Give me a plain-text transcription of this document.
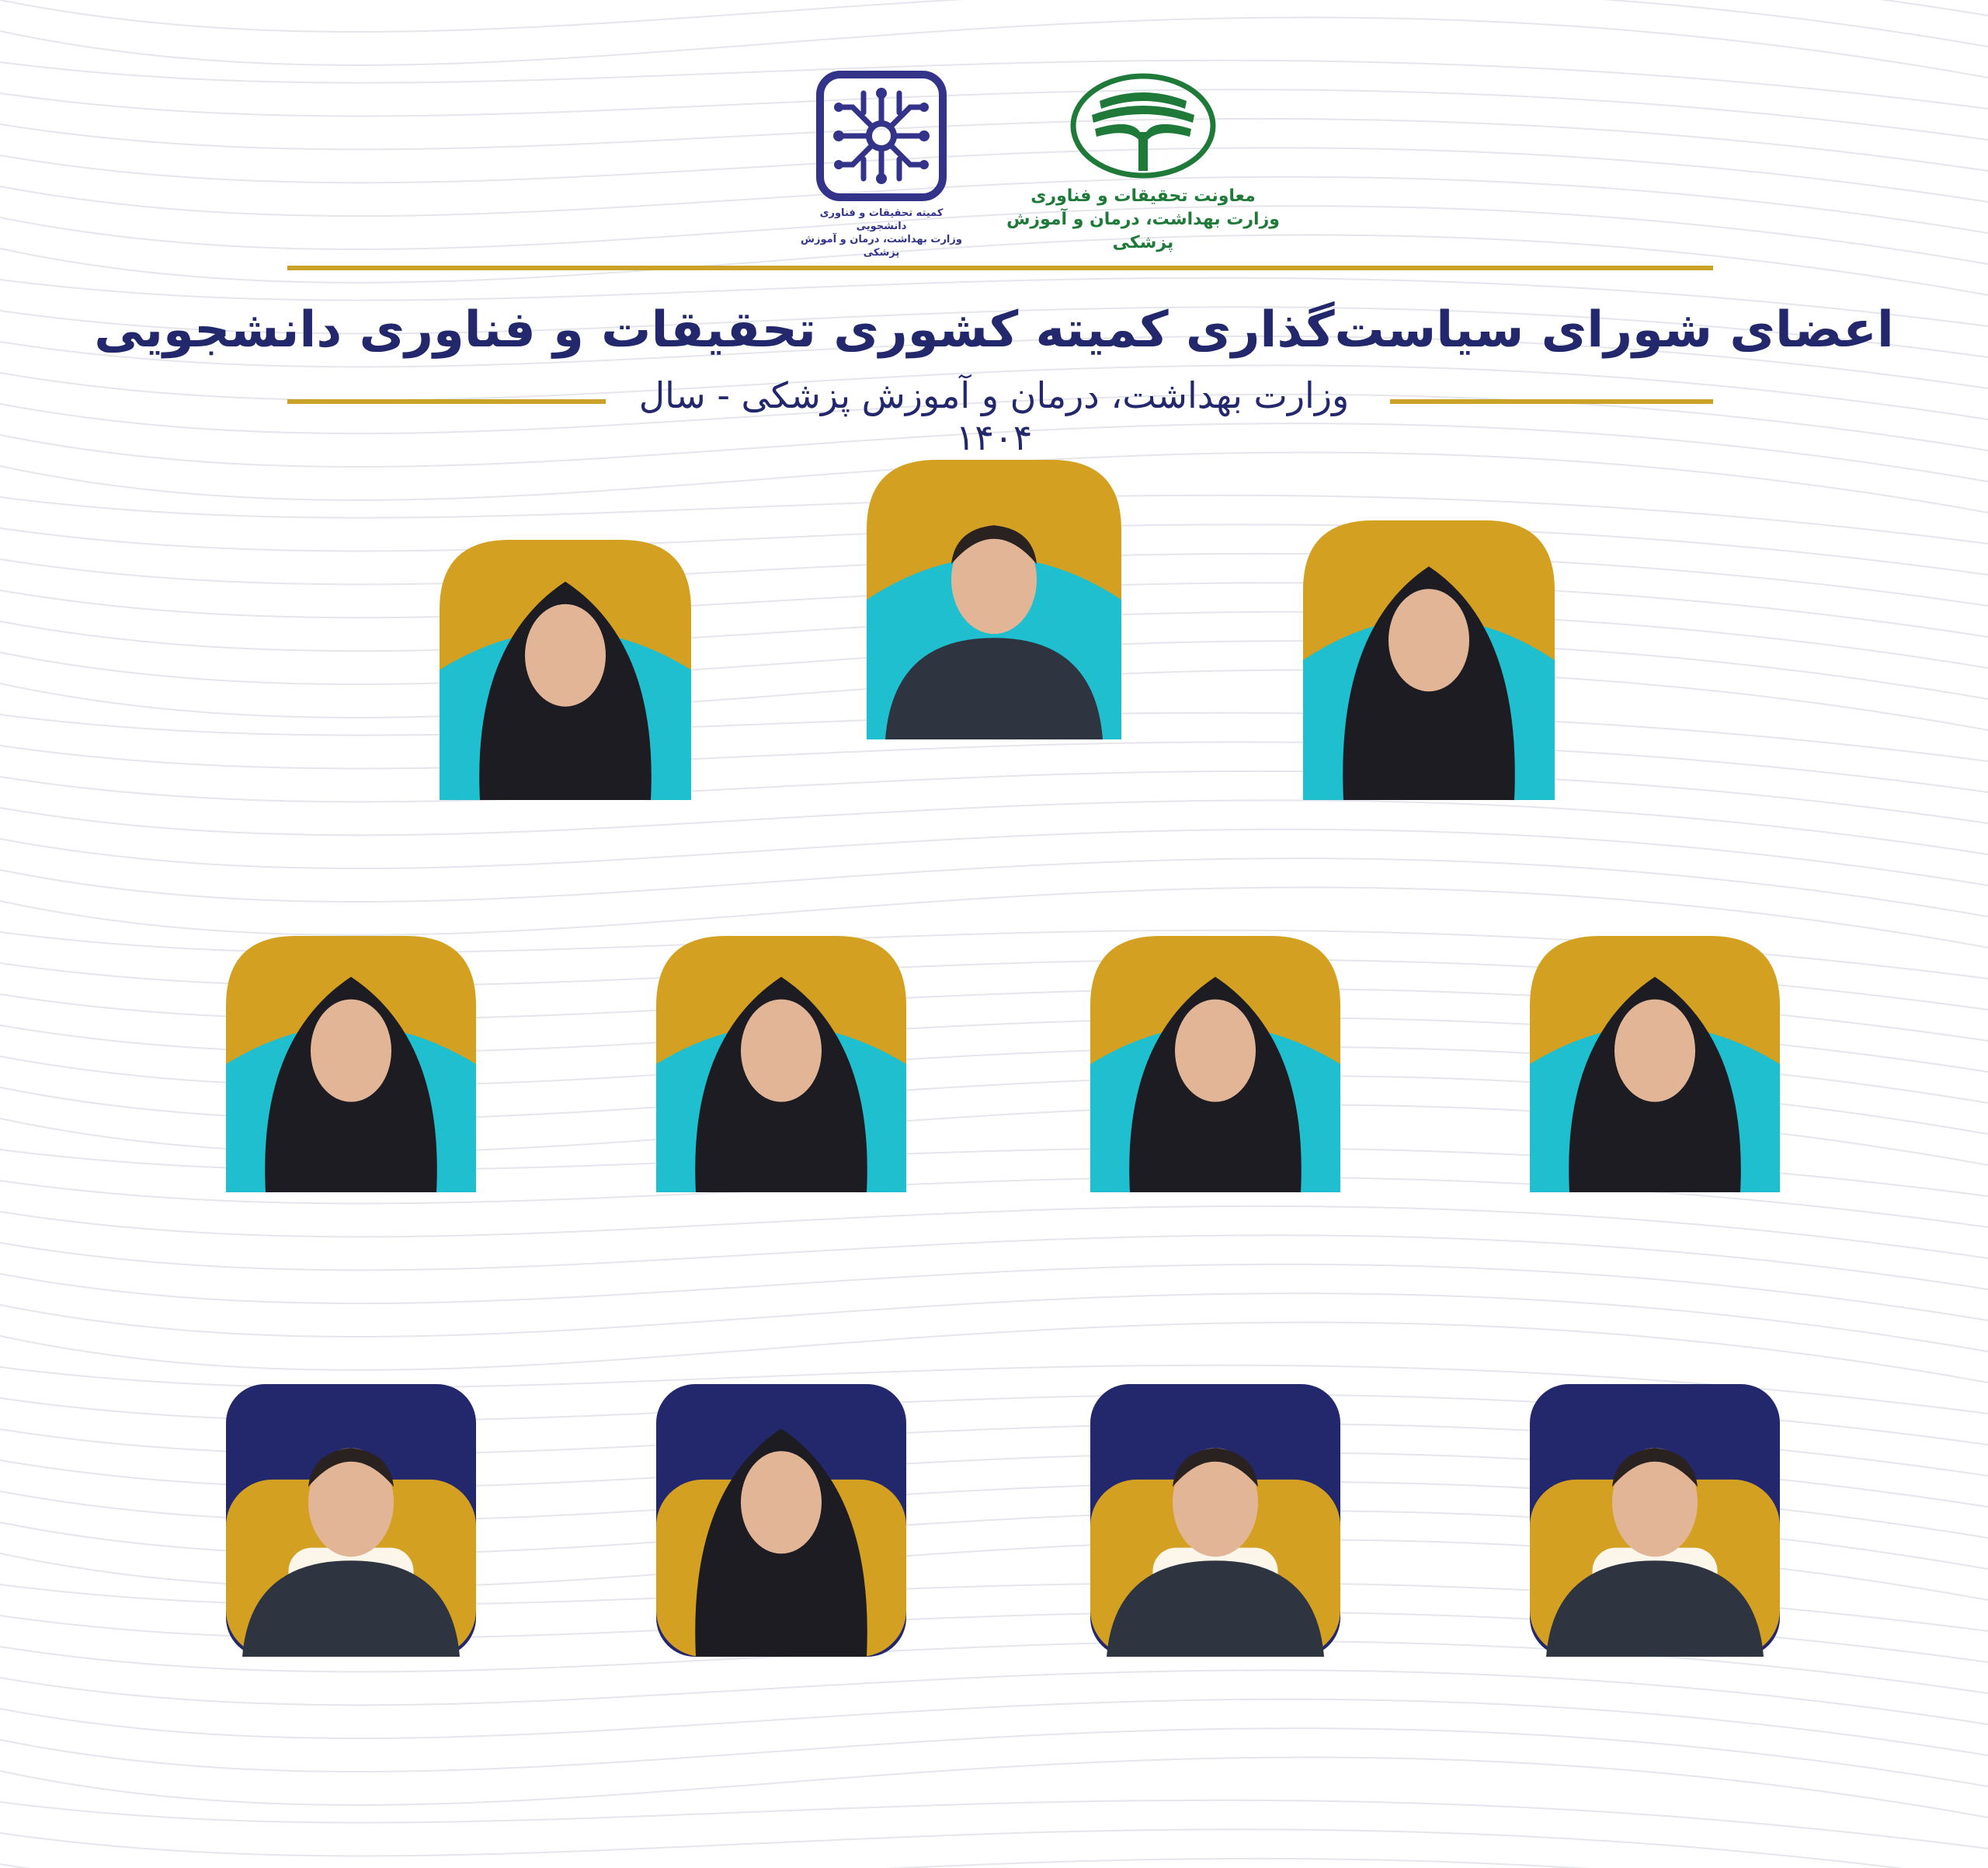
کمیته تحقیقات و فناوری دانشجویی
وزارت بهداشت، درمان و آموزش پزشکی
معاونت تحقیقات و فناوری
وزارت بهداشت، درمان و آموزش پزشکی
اعضای شورای سیاست‌گذاری کمیته کشوری تحقیقات و فناوری دانشجویی
وزارت بهداشت، درمان و آموزش پزشکی - سال ۱۴۰۴
